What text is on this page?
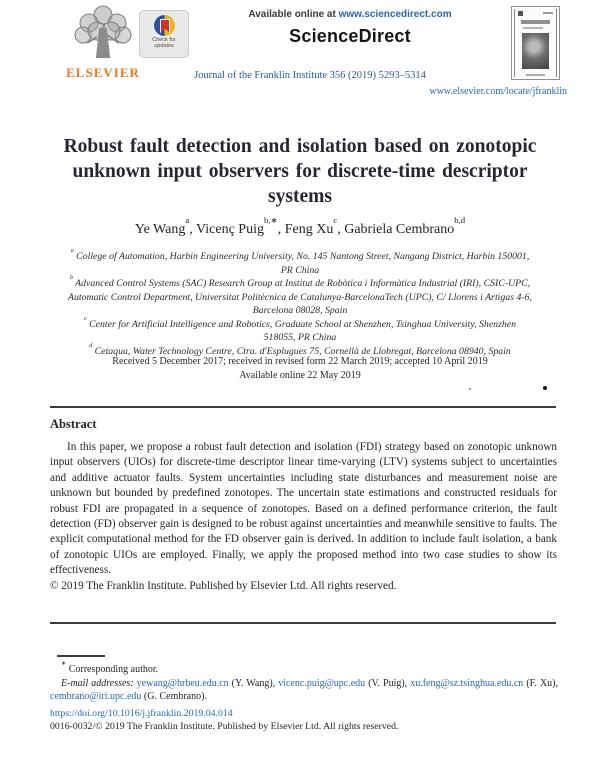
ELSEVIER
Check for
updates
Available online at www.sciencedirect.com
ScienceDirect
Journal of the Franklin Institute 356 (2019) 5293–5314
www.elsevier.com/locate/jfranklin
Robust fault detection and isolation based on zonotopic unknown input observers for discrete-time descriptor systems
Ye Wang$^a$, Vicenç Puig$^{b,∗}$, Feng Xu$^c$, Gabriela Cembrano$^{b,d}$
$^a$ College of Automation, Harbin Engineering University, No. 145 Nantong Street, Nangang District, Harbin 150001, PR China
$^b$ Advanced Control Systems (SAC) Research Group at Institut de Robòtica i Informàtica Industrial (IRI), CSIC-UPC, Automatic Control Department, Universitat Politècnica de Catalunya-BarcelonaTech (UPC), C/ Llorens i Artigas 4-6, Barcelona 08028, Spain
$^c$ Center for Artificial Intelligence and Robotics, Graduate School at Shenzhen, Tsinghua University, Shenzhen 518055, PR China
$^d$ Cetaqua, Water Technology Centre, Ctra. d'Esplugues 75, Cornellà de Llobregat, Barcelona 08940, Spain
Received 5 December 2017; received in revised form 22 March 2019; accepted 10 April 2019
Available online 22 May 2019
Abstract

In this paper, we propose a robust fault detection and isolation (FDI) strategy based on zonotopic unknown input observers (UIOs) for discrete-time descriptor linear time-varying (LTV) systems subject to uncertainties and additive actuator faults. System uncertainties including state disturbances and measurement noise are unknown but bounded by predefined zonotopes. The uncertain state estimations and constructed residuals for robust FDI are propagated in a sequence of zonotopes. Based on a defined performance criterion, the fault detection (FD) observer gain is designed to be robust against uncertainties and meanwhile sensitive to faults. The explicit computational method for the FD observer gain is derived. In addition to include fault isolation, a bank of zonotopic UIOs are employed. Finally, we apply the proposed method into two case studies to show its effectiveness.

© 2019 The Franklin Institute. Published by Elsevier Ltd. All rights reserved.

∗ Corresponding author.

E-mail addresses: yewang@hrbeu.edu.cn (Y. Wang), vicenc.puig@upc.edu (V. Puig), xu.feng@sz.tsinghua.edu.cn (F. Xu), cembrano@iri.upc.edu (G. Cembrano).

https://doi.org/10.1016/j.jfranklin.2019.04.014
0016-0032/© 2019 The Franklin Institute. Published by Elsevier Ltd. All rights reserved.
